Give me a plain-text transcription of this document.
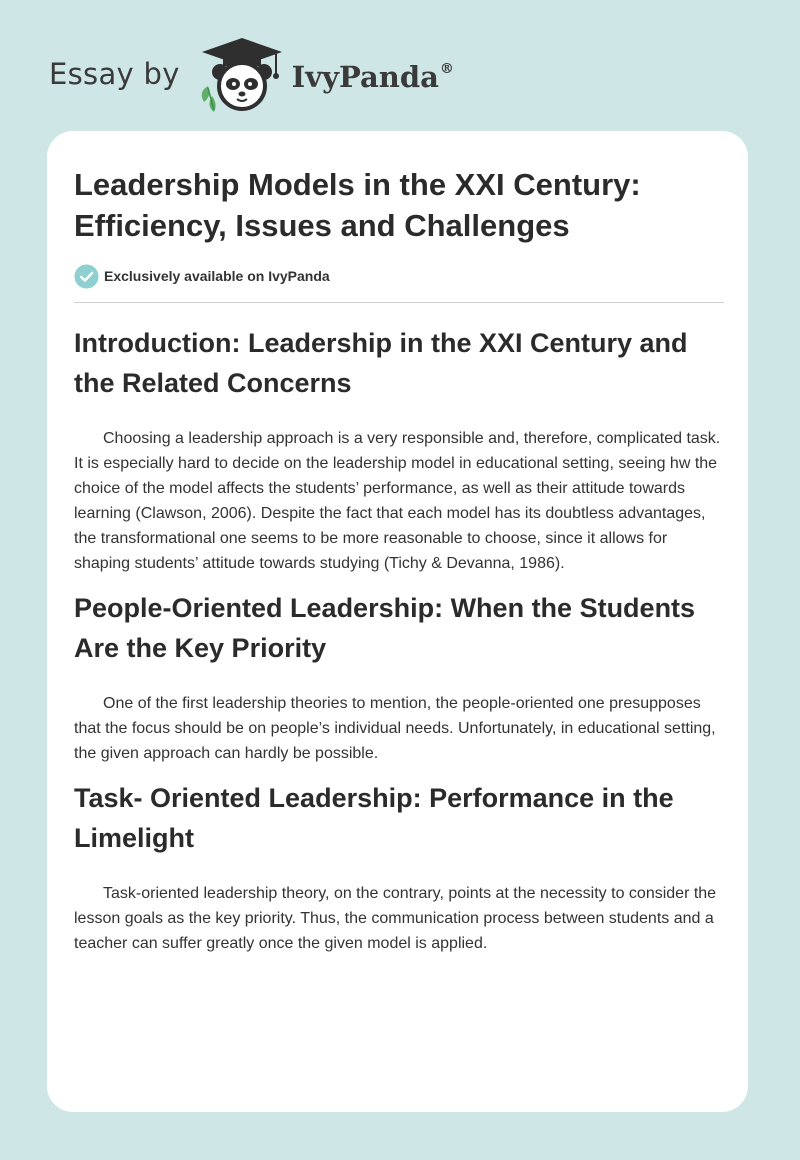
Essay by	IvyPanda®
Leadership Models in the XXI Century: Efficiency, Issues and Challenges
Exclusively available on IvyPanda
Introduction: Leadership in the XXI Century and the Related Concerns

Choosing a leadership approach is a very responsible and, therefore, complicated task. It is especially hard to decide on the leadership model in educational setting, seeing hw the choice of the model affects the students’ performance, as well as their attitude towards learning (Clawson, 2006). Despite the fact that each model has its doubtless advantages, the transformational one seems to be more reasonable to choose, since it allows for shaping students’ attitude towards studying (Tichy & Devanna, 1986).

People-Oriented Leadership: When the Students Are the Key Priority

One of the first leadership theories to mention, the people-oriented one presupposes that the focus should be on people’s individual needs. Unfortunately, in educational setting, the given approach can hardly be possible.

Task- Oriented Leadership: Performance in the Limelight

Task-oriented leadership theory, on the contrary, points at the necessity to consider the lesson goals as the key priority. Thus, the communication process between students and a teacher can suffer greatly once the given model is applied.
